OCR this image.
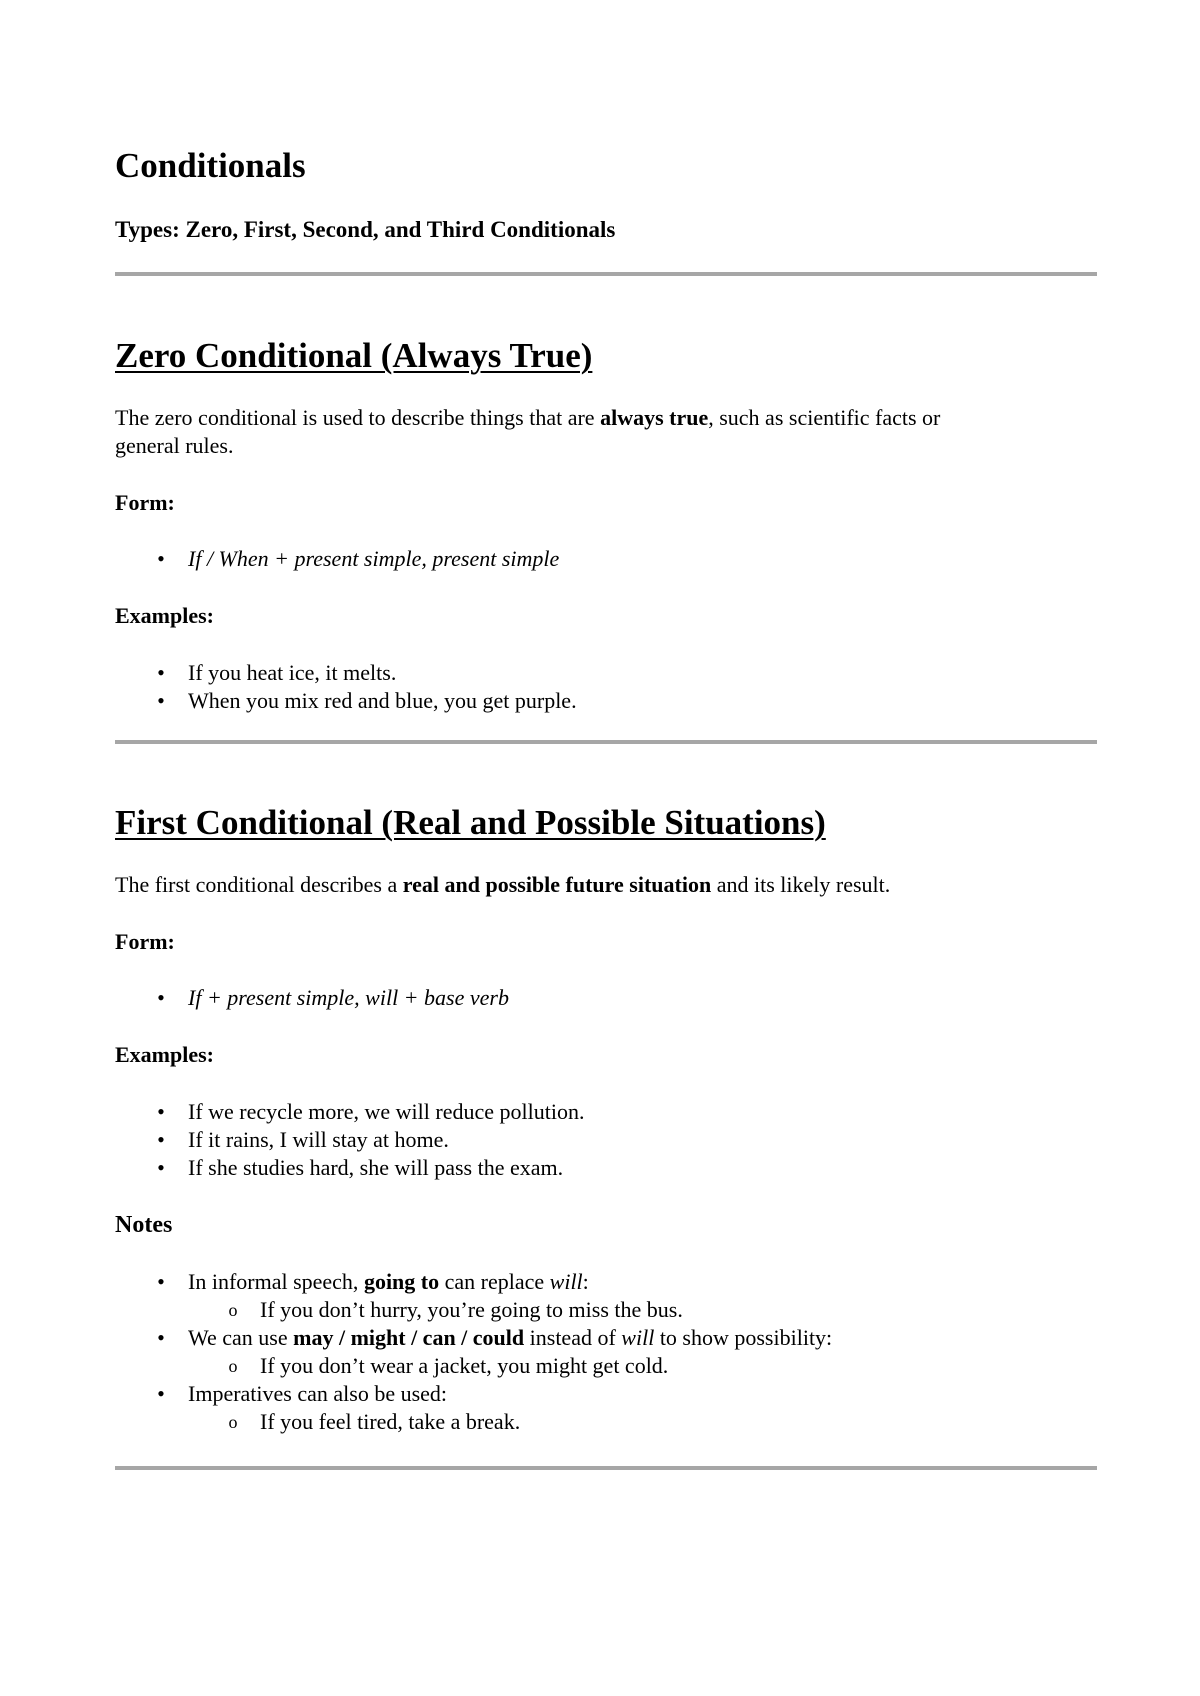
Conditionals
Types: Zero, First, Second, and Third Conditionals
Zero Conditional (Always True)

The zero conditional is used to describe things that are always true, such as scientific facts or
general rules.

Form:

• If / When + present simple, present simple

Examples:

• If you heat ice, it melts.
• When you mix red and blue, you get purple.
First Conditional (Real and Possible Situations)

The first conditional describes a real and possible future situation and its likely result.

Form:

• If + present simple, will + base verb

Examples:

• If we recycle more, we will reduce pollution.
• If it rains, I will stay at home.
• If she studies hard, she will pass the exam.

Notes

• In informal speech, going to can replace will:
o If you don’t hurry, you’re going to miss the bus.
• We can use may / might / can / could instead of will to show possibility:
o If you don’t wear a jacket, you might get cold.
• Imperatives can also be used:
o If you feel tired, take a break.
